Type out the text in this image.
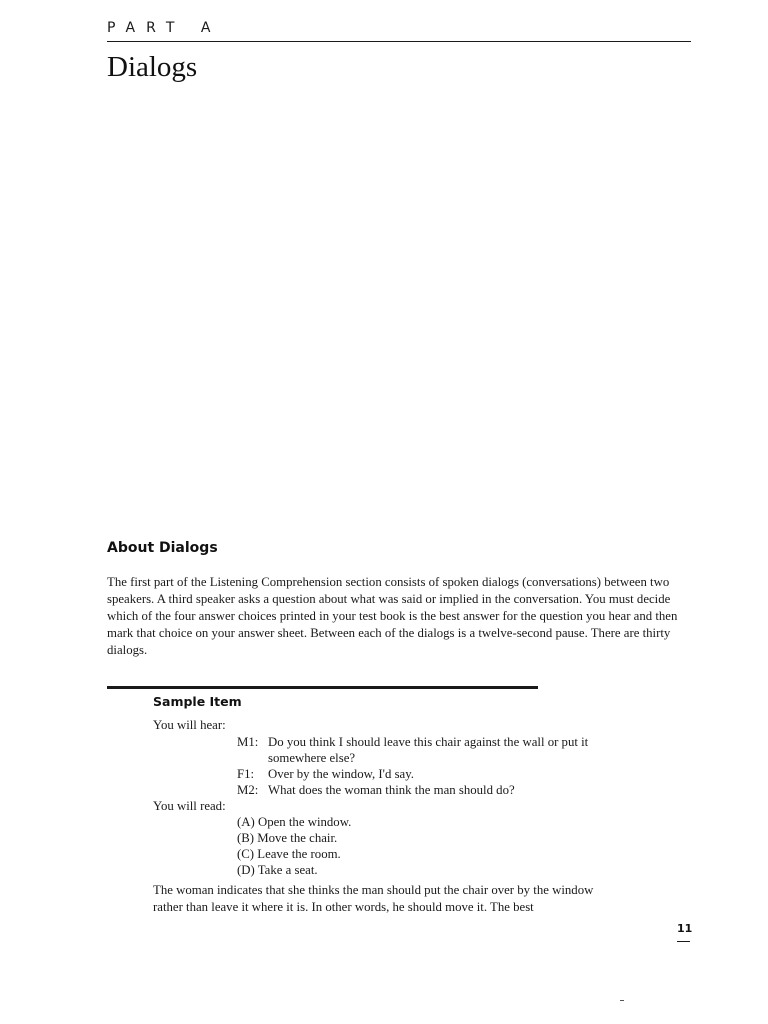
PART A
Dialogs
About Dialogs

The first part of the Listening Comprehension section consists of spoken dialogs (conversations) between two speakers. A third speaker asks a question about what was said or implied in the conversation. You must decide which of the four answer choices printed in your test book is the best answer for the question you hear and then mark that choice on your answer sheet. Between each of the dialogs is a twelve-second pause. There are thirty dialogs.

Sample Item
You will hear:
M1: Do you think I should leave this chair against the wall or put it
somewhere else?
F1: Over by the window, I'd say.
M2: What does the woman think the man should do?
You will read:
(A) Open the window.
(B) Move the chair.
(C) Leave the room.
(D) Take a seat.

The woman indicates that she thinks the man should put the chair over by the window rather than leave it where it is. In other words, he should move it. The best

11
